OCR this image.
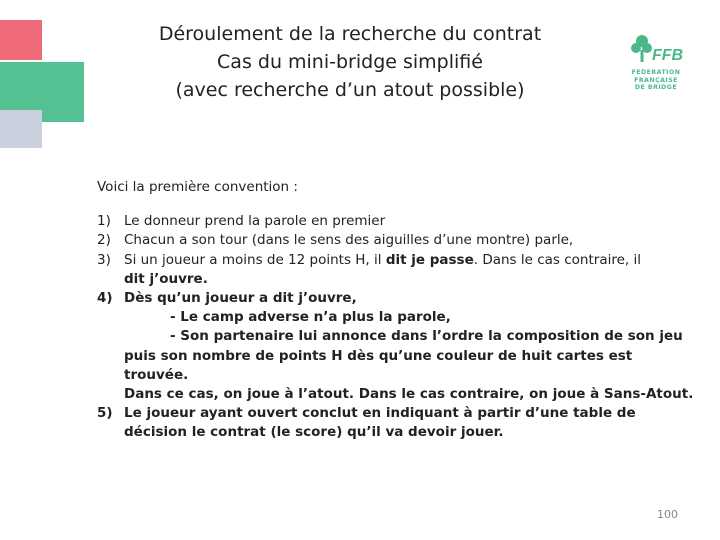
Déroulement de la recherche du contrat
Cas du mini-bridge simplifié
(avec recherche d’un atout possible)
FFB
FEDERATION
FRANÇAISE
DE BRIDGE
Voici la première convention :
1) Le donneur prend la parole en premier
2) Chacun a son tour (dans le sens des aiguilles d’une montre) parle,
3) Si un joueur a moins de 12 points H, il dit je passe. Dans le cas contraire, il
dit j’ouvre.
4) Dès qu’un joueur a dit j’ouvre,
- Le camp adverse n’a plus la parole,
- Son partenaire lui annonce dans l’ordre la composition de son jeu
puis son nombre de points H dès qu’une couleur de huit cartes est trouvée.
Dans ce cas, on joue à l’atout. Dans le cas contraire, on joue à Sans-Atout.
5) Le joueur ayant ouvert conclut en indiquant à partir d’une table de
décision le contrat (le score) qu’il va devoir jouer.
100
